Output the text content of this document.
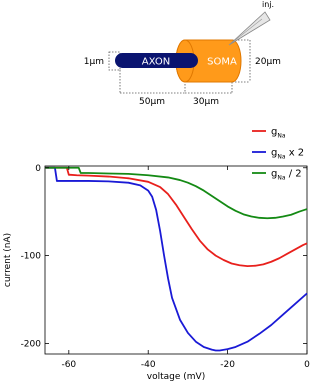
AXON	SOMA
inj.
1µm	20µm
50µm	30µm
-60	-40	-20	0
0
-100
-200
voltage (mV)
current (nA)
$g_{Na}$
$g_{Na}$ x 2
$g_{Na} / 2$
